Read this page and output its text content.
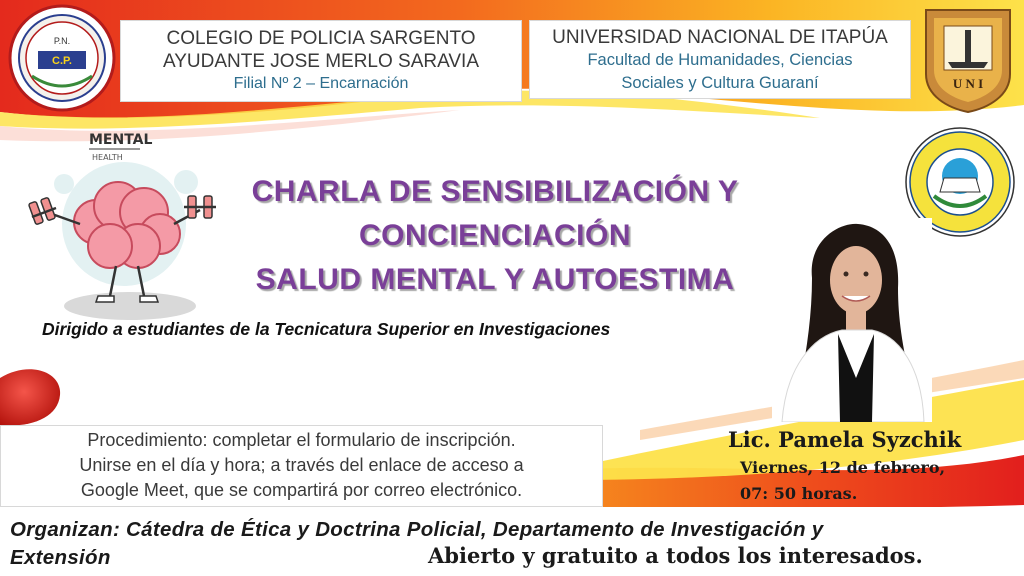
P.N.
C.P.
U N I
COLEGIO DE POLICIA SARGENTO
AYUDANTE JOSE MERLO SARAVIA
Filial Nº 2 – Encarnación
UNIVERSIDAD NACIONAL DE ITAPÚA
Facultad de Humanidades, Ciencias
Sociales y Cultura Guaraní
MENTAL
HEALTH
CHARLA DE SENSIBILIZACIÓN Y
CONCIENCIACIÓN
SALUD MENTAL Y AUTOESTIMA
Dirigido a estudiantes de la Tecnicatura Superior en Investigaciones
Procedimiento: completar el formulario de inscripción.
Unirse en el día y hora; a través del enlace de acceso a
Google Meet, que se compartirá por correo electrónico.
Lic. Pamela Syzchik
Viernes, 12 de febrero,
07: 50 horas.
Organizan: Cátedra de Ética y Doctrina Policial, Departamento de Investigación y
Extensión	Abierto y gratuito a todos los interesados.
